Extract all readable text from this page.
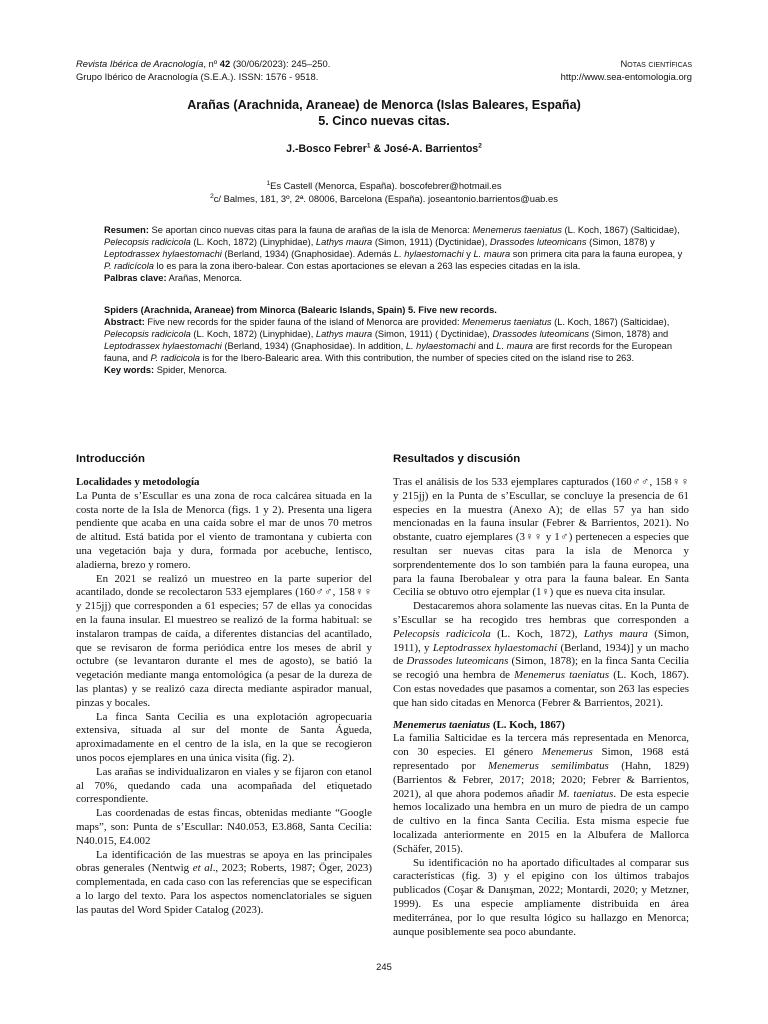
Revista Ibérica de Aracnología, nº 42 (30/06/2023): 245–250.	Notas científicas
Grupo Ibérico de Aracnología (S.E.A.). ISSN: 1576 - 9518.	http://www.sea-entomologia.org
Arañas (Arachnida, Araneae) de Menorca (Islas Baleares, España)
5. Cinco nuevas citas.
J.-Bosco Febrer$^1$ & José-A. Barrientos$^2$
$^1$Es Castell (Menorca, España). boscofebrer@hotmail.es
$^2$c/ Balmes, 181, 3º, 2ª. 08006, Barcelona (España). joseantonio.barrientos@uab.es
Resumen: Se aportan cinco nuevas citas para la fauna de arañas de la isla de Menorca: Menemerus taeniatus (L. Koch, 1867) (Salticidae), Pelecopsis radicicola (L. Koch, 1872) (Linyphidae), Lathys maura (Simon, 1911) (Dyctinidae), Drassodes luteomicans (Simon, 1878) y Leptodrassex hylaestomachi (Berland, 1934) (Gnaphosidae). Además L. hylaestomachi y L. maura son primera cita para la fauna europea, y P. radicícola lo es para la zona ibero-balear. Con estas aportaciones se elevan a 263 las especies citadas en la isla.
Palbras clave: Arañas, Menorca.
Spiders (Arachnida, Araneae) from Minorca (Balearic Islands, Spain) 5. Five new records.
Abstract: Five new records for the spider fauna of the island of Menorca are provided: Menemerus taeniatus (L. Koch, 1867) (Salticidae), Pelecopsis radicicola (L. Koch, 1872) (Linyphidae), Lathys maura (Simon, 1911) ( Dyctinidae), Drassodes luteomicans (Simon, 1878) and Leptodrassex hylaestomachi (Berland, 1934) (Gnaphosidae). In addition, L. hylaestomachi and L. maura are first records for the European fauna, and P. radicicola is for the Ibero-Balearic area. With this contribution, the number of species cited on the island rise to 263.
Key words: Spider, Menorca.
Introducción
Localidades y metodología

La Punta de s’Escullar es una zona de roca calcárea situada en la costa norte de la Isla de Menorca (figs. 1 y 2). Presenta una ligera pendiente que acaba en una caída sobre el mar de unos 70 metros de altitud. Está batida por el viento de tramontana y cubierta con una vegetación baja y dura, formada por acebuche, lentisco, aladierna, brezo y romero.

En 2021 se realizó un muestreo en la parte superior del acantilado, donde se recolectaron 533 ejemplares (160♂♂, 158♀♀ y 215jj) que corresponden a 61 especies; 57 de ellas ya conocidas en la fauna insular. El muestreo se realizó de la forma habitual: se instalaron trampas de caída, a diferentes distancias del acantilado, que se revisaron de forma periódica entre los meses de abril y octubre (se levantaron durante el mes de agosto), se batió la vegetación mediante manga entomológica (a pesar de la dureza de las plantas) y se realizó caza directa mediante aspirador manual, pinzas y bocales.

La finca Santa Cecilia es una explotación agropecuaria extensiva, situada al sur del monte de Santa Águeda, aproximadamente en el centro de la isla, en la que se recogieron unos pocos ejemplares en una única visita (fig. 2).

Las arañas se individualizaron en viales y se fijaron con etanol al 70%, quedando cada una acompañada del etiquetado correspondiente.

Las coordenadas de estas fincas, obtenidas mediante “Google maps”, son: Punta de s’Escullar: N40.053, E3.868, Santa Cecilia: N40.015, E4.002

La identificación de las muestras se apoya en las principales obras generales (Nentwig et al., 2023; Roberts, 1987; Öger, 2023) complementada, en cada caso con las referencias que se especifican a lo largo del texto. Para los aspectos nomenclatoriales se siguen las pautas del Word Spider Catalog (2023).

Resultados y discusión

Tras el análisis de los 533 ejemplares capturados (160♂♂, 158♀♀ y 215jj) en la Punta de s’Escullar, se concluye la presencia de 61 especies en la muestra (Anexo A); de ellas 57 ya han sido mencionadas en la fauna insular (Febrer & Barrientos, 2021). No obstante, cuatro ejemplares (3♀♀ y 1♂) pertenecen a especies que resultan ser nuevas citas para la isla de Menorca y sorprendentemente dos lo son también para la fauna europea, una para la fauna Iberobalear y otra para la fauna balear. En Santa Cecilia se obtuvo otro ejemplar (1♀) que es nueva cita insular.

Destacaremos ahora solamente las nuevas citas. En la Punta de s’Escullar se ha recogido tres hembras que corresponden a Pelecopsis radicicola (L. Koch, 1872), Lathys maura (Simon, 1911), y Leptodrassex hylaestomachi (Berland, 1934)] y un macho de Drassodes luteomicans (Simon, 1878); en la finca Santa Cecilia se recogió una hembra de Menemerus taeniatus (L. Koch, 1867). Con estas novedades que pasamos a comentar, son 263 las especies que han sido citadas en Menorca (Febrer & Barrientos, 2021).

Menemerus taeniatus (L. Koch, 1867)

La familia Salticidae es la tercera más representada en Menorca, con 30 especies. El género Menemerus Simon, 1968 está representado por Menemerus semilimbatus (Hahn, 1829) (Barrientos & Febrer, 2017; 2018; 2020; Febrer & Barrientos, 2021), al que ahora podemos añadir M. taeniatus. De esta especie hemos localizado una hembra en un muro de piedra de un campo de cultivo en la finca Santa Cecilia. Esta misma especie fue localizada anteriormente en 2015 en la Albufera de Mallorca (Schäfer, 2015).

Su identificación no ha aportado dificultades al comparar sus características (fig. 3) y el epigino con los últimos trabajos publicados (Coşar & Danışman, 2022; Montardi, 2020; y Metzner, 1999). Es una especie ampliamente distribuida en área mediterránea, por lo que resulta lógico su hallazgo en Menorca; aunque posiblemente sea poco abundante.

245
